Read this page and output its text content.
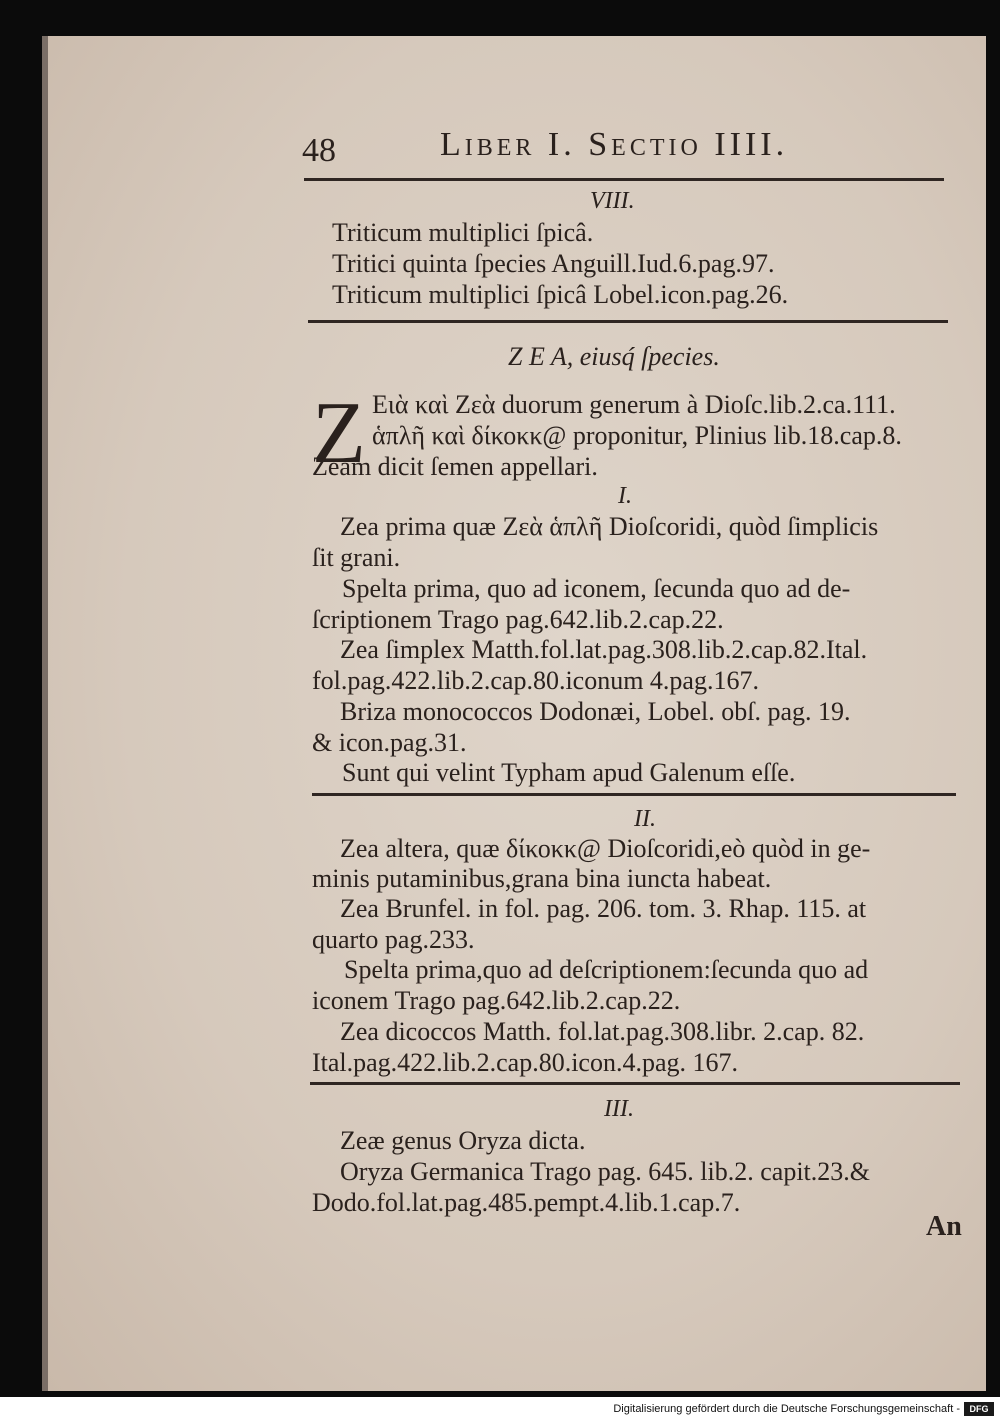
48	Liber I. Sectio IIII.
VIII.
Triticum multiplici ſpicâ.
Tritici quinta ſpecies Anguill.Iud.6.pag.97.
Triticum multiplici ſpicâ Lobel.icon.pag.26.
Z E A, eiusq́ ſpecies.
Z Ειὰ καὶ Ζεὰ duorum generum à Dioſc.lib.2.ca.111.
ἁπλῆ καὶ δίκοκκ@ proponitur, Plinius lib.18.cap.8.
Zeam dicit ſemen appellari.
I.
Zea prima quæ Ζεὰ ἁπλῆ Dioſcoridi, quòd ſimplicis
ſit grani.
Spelta prima, quo ad iconem, ſecunda quo ad de-
ſcriptionem Trago pag.642.lib.2.cap.22.
Zea ſimplex Matth.fol.lat.pag.308.lib.2.cap.82.Ital.
fol.pag.422.lib.2.cap.80.iconum 4.pag.167.
Briza monococcos Dodonæi, Lobel. obſ. pag. 19.
& icon.pag.31.
Sunt qui velint Typham apud Galenum eſſe.
II.
Zea altera, quæ δίκοκκ@ Dioſcoridi,eò quòd in ge-
minis putaminibus,grana bina iuncta habeat.
Zea Brunfel. in fol. pag. 206. tom. 3. Rhap. 115. at
quarto pag.233.
Spelta prima,quo ad deſcriptionem:ſecunda quo ad
iconem Trago pag.642.lib.2.cap.22.
Zea dicoccos Matth. fol.lat.pag.308.libr. 2.cap. 82.
Ital.pag.422.lib.2.cap.80.icon.4.pag. 167.
III.
Zeæ genus Oryza dicta.
Oryza Germanica Trago pag. 645. lib.2. capit.23.&
Dodo.fol.lat.pag.485.pempt.4.lib.1.cap.7.
An
Digitalisierung gefördert durch die Deutsche Forschungsgemeinschaft -	DFG
